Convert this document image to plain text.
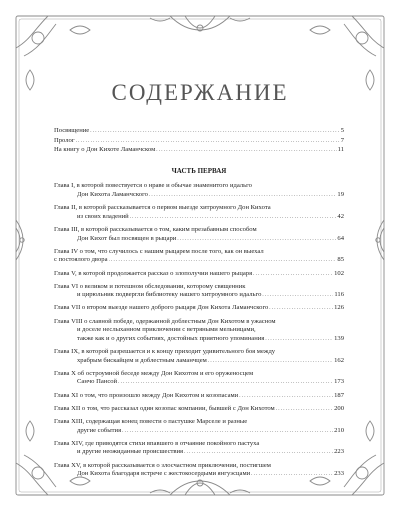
СОДЕРЖАНИЕ
Посвящение . . .	5
Пролог . . .	7
На книгу о Дон Кихоте Ламанчском . . .	11
ЧАСТЬ ПЕРВАЯ
Глава I, в которой повествуется о нраве и обычае знаменитого идальго
Дон Кихота Ламанчского . . .	19
Глава II, в которой рассказывается о первом выезде хитроумного Дон Кихота
из своих владений . . .	42
Глава III, в которой рассказывается о том, каким презабавным способом
Дон Кихот был посвящен в рыцари . . .	64
Глава IV о том, что случилось с нашим рыцарем после того, как он выехал
с постоялого двора . . .	85
Глава V, в которой продолжается рассказ о злополучии нашего рыцаря . . .	102
Глава VI о великом и потешном обследовании, которому священник
и цирюльник подвергли библиотеку нашего хитроумного идальго . . .	116
Глава VII о втором выезде нашего доброго рыцаря Дон Кихота Ламанчского . . .	126
Глава VIII о славной победе, одержанной доблестным Дон Кихотом в ужасном
и доселе неслыханном приключении с ветряными мельницами,
также как и о других событиях, достойных приятного упоминания . . .	139
Глава IX, в которой разрешается и к концу приходит удивительного боя между
храбрым бискайцем и доблестным ламанчцем . . .	162
Глава X об остроумной беседе между Дон Кихотом и его оруженосцем
Санчо Пансой . . .	173
Глава XI о том, что произошло между Дон Кихотом и козопасами . . .	187
Глава XII о том, что рассказал один козопас компании, бывшей с Дон Кихотом . . .	200
Глава XIII, содержащая конец повести о пастушке Марселе и разные
другие события . . .	210
Глава XIV, где приводятся стихи впавшего в отчаяние покойного пастуха
и другие неожиданные происшествия . . .	223
Глава XV, в которой рассказывается о злосчастном приключении, постигшем
Дон Кихота благодаря встрече с жестокосердыми янгуэсцами . . .	233
